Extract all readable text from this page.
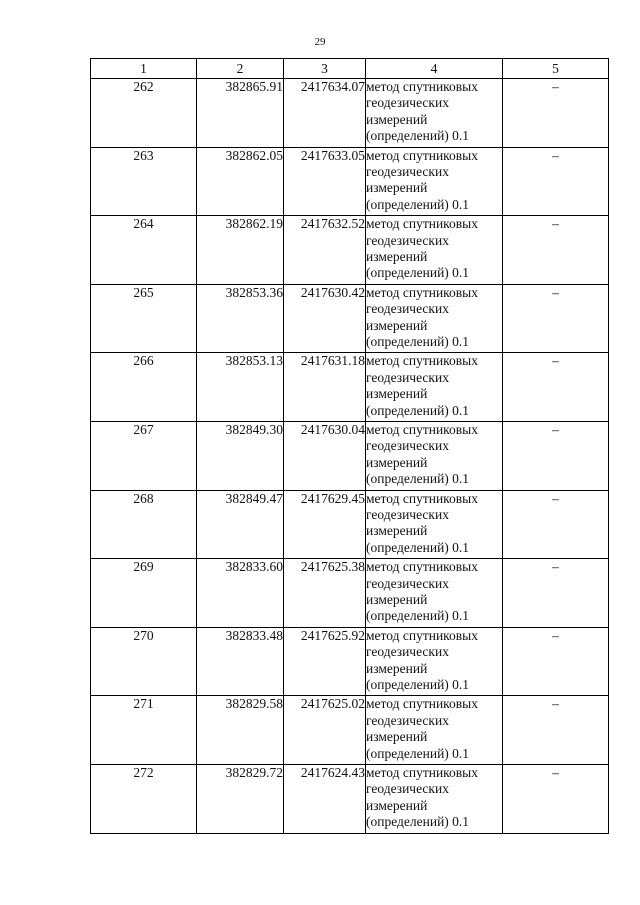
29
1	2	3	4	5
262	382865.91	2417634.07	метод спутниковых геодезических измерений (определений) 0.1	–
263	382862.05	2417633.05	метод спутниковых геодезических измерений (определений) 0.1	–
264	382862.19	2417632.52	метод спутниковых геодезических измерений (определений) 0.1	–
265	382853.36	2417630.42	метод спутниковых геодезических измерений (определений) 0.1	–
266	382853.13	2417631.18	метод спутниковых геодезических измерений (определений) 0.1	–
267	382849.30	2417630.04	метод спутниковых геодезических измерений (определений) 0.1	–
268	382849.47	2417629.45	метод спутниковых геодезических измерений (определений) 0.1	–
269	382833.60	2417625.38	метод спутниковых геодезических измерений (определений) 0.1	–
270	382833.48	2417625.92	метод спутниковых геодезических измерений (определений) 0.1	–
271	382829.58	2417625.02	метод спутниковых геодезических измерений (определений) 0.1	–
272	382829.72	2417624.43	метод спутниковых геодезических измерений (определений) 0.1	–
